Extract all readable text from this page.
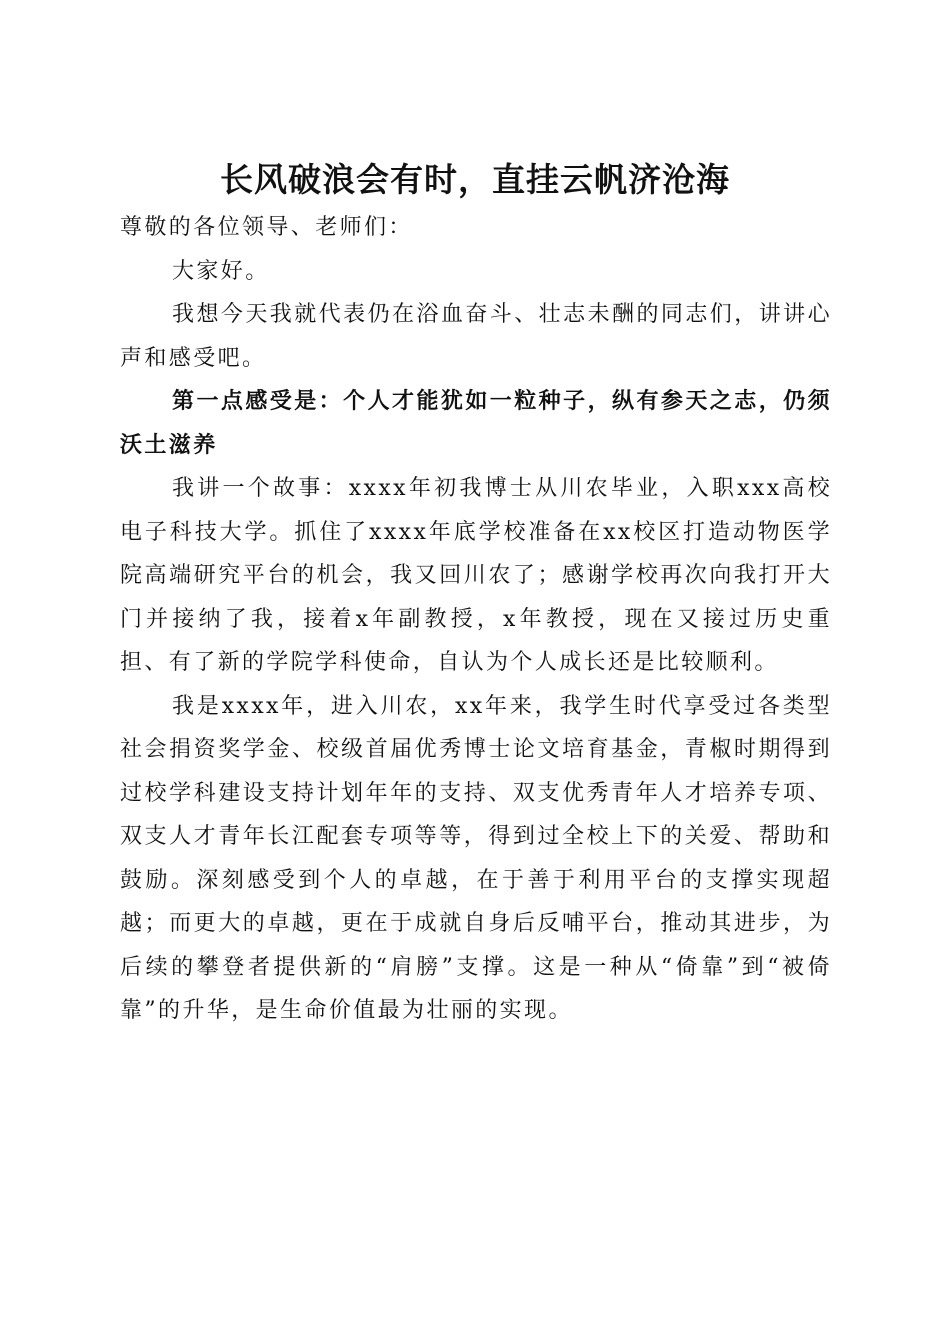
长风破浪会有时，直挂云帆济沧海

尊敬的各位领导、老师们：

大家好。

我想今天我就代表仍在浴血奋斗、壮志未酬的同志们，讲讲心声和感受吧。

第一点感受是：个人才能犹如一粒种子，纵有参天之志，仍须沃土滋养

我讲一个故事：xxxx年初我博士从川农毕业，入职xxx高校电子科技大学。抓住了xxxx年底学校准备在xx校区打造动物医学院高端研究平台的机会，我又回川农了；感谢学校再次向我打开大门并接纳了我，接着x年副教授，x年教授，现在又接过历史重担、有了新的学院学科使命，自认为个人成长还是比较顺利。

我是xxxx年，进入川农，xx年来，我学生时代享受过各类型社会捐资奖学金、校级首届优秀博士论文培育基金，青椒时期得到过校学科建设支持计划年年的支持、双支优秀青年人才培养专项、双支人才青年长江配套专项等等，得到过全校上下的关爱、帮助和鼓励。深刻感受到个人的卓越，在于善于利用平台的支撑实现超越；而更大的卓越，更在于成就自身后反哺平台，推动其进步，为后续的攀登者提供新的“肩膀”支撑。这是一种从“倚靠”到“被倚靠”的升华，是生命价值最为壮丽的实现。
